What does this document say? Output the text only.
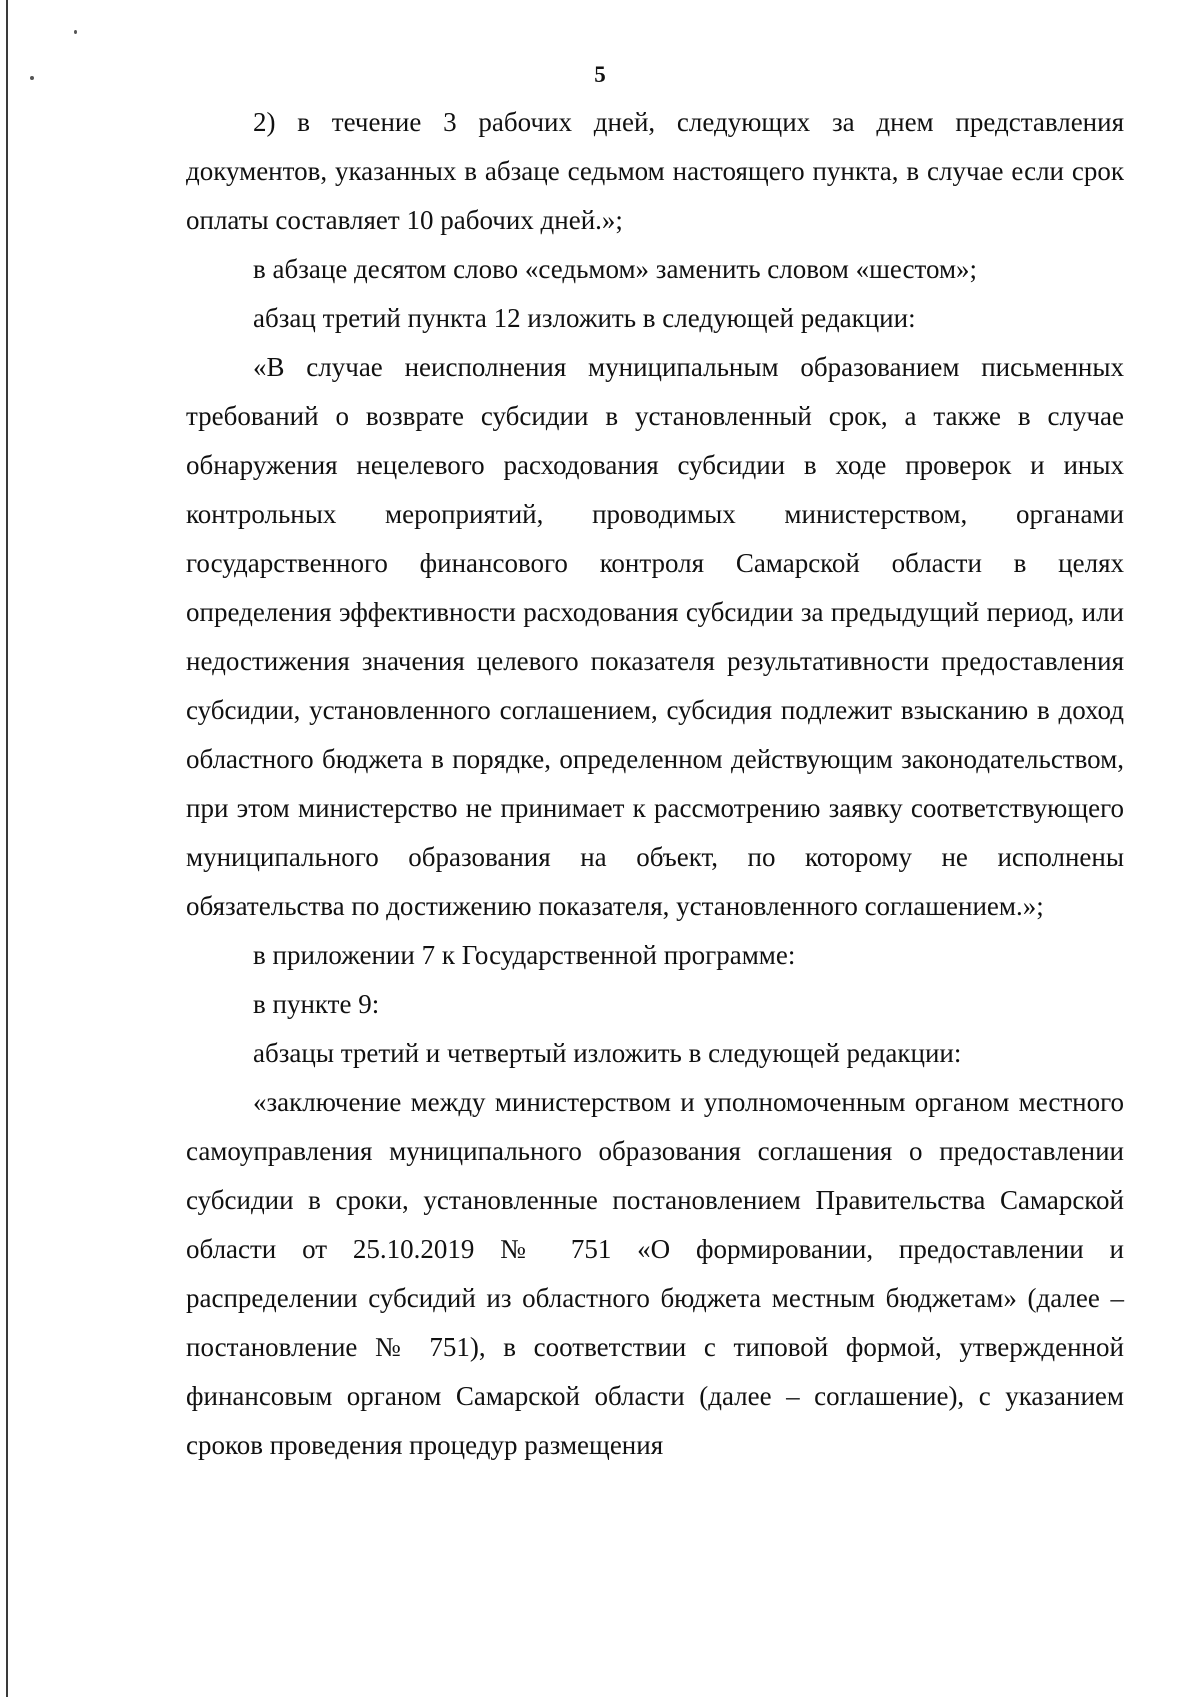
5

2) в течение 3 рабочих дней, следующих за днем представления документов, указанных в абзаце седьмом настоящего пункта, в случае если срок оплаты составляет 10 рабочих дней.»;

в абзаце десятом слово «седьмом» заменить словом «шестом»;

абзац третий пункта 12 изложить в следующей редакции:

«В случае неисполнения муниципальным образованием письменных требований о возврате субсидии в установленный срок, а также в случае обнаружения нецелевого расходования субсидии в ходе проверок и иных контрольных мероприятий, проводимых министерством, органами государственного финансового контроля Самарской области в целях определения эффективности расходования субсидии за предыдущий период, или недостижения значения целевого показателя результативности предоставления субсидии, установленного соглашением, субсидия подлежит взысканию в доход областного бюджета в порядке, определенном действующим законодательством, при этом министерство не принимает к рассмотрению заявку соответствующего муниципального образования на объект, по которому не исполнены обязательства по достижению показателя, установленного соглашением.»;

в приложении 7 к Государственной программе:

в пункте 9:

абзацы третий и четвертый изложить в следующей редакции:

«заключение между министерством и уполномоченным органом местного самоуправления муниципального образования соглашения о предоставлении субсидии в сроки, установленные постановлением Правительства Самарской области от 25.10.2019 № 751 «О формировании, предоставлении и распределении субсидий из областного бюджета местным бюджетам» (далее – постановление № 751), в соответствии с типовой формой, утвержденной финансовым органом Самарской области (далее – соглашение), с указанием сроков проведения процедур размещения
